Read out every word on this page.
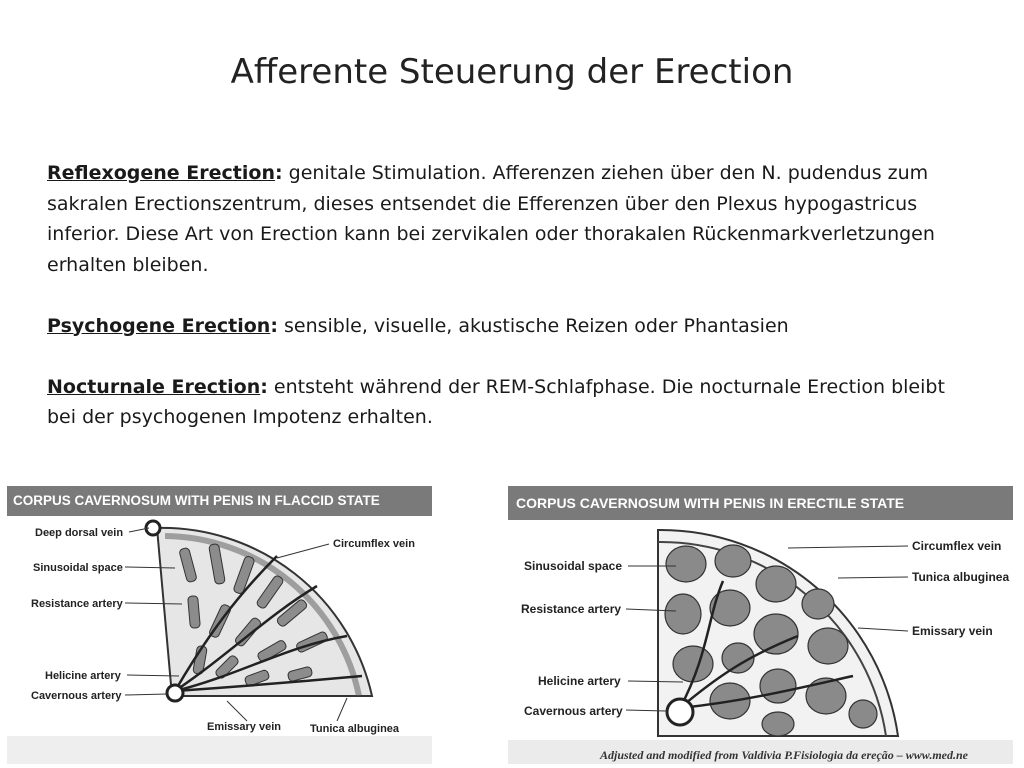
Afferente Steuerung der Erection

Reflexogene Erection: genitale Stimulation. Afferenzen ziehen über den N. pudendus zum sakralen Erectionszentrum, dieses entsendet die Efferenzen über den Plexus hypogastricus inferior. Diese Art von Erection kann bei zervikalen oder thorakalen Rückenmarkverletzungen erhalten bleiben.

Psychogene Erection: sensible, visuelle, akustische Reizen oder Phantasien

Nocturnale Erection: entsteht während der REM-Schlafphase. Die nocturnale Erection bleibt bei der psychogenen Impotenz erhalten.

CORPUS CAVERNOSUM WITH PENIS IN FLACCID STATE
Deep dorsal vein
Sinusoidal space
Resistance artery
Helicine artery
Cavernous artery
Circumflex vein
Emissary vein	Tunica albuginea
CORPUS CAVERNOSUM WITH PENIS IN ERECTILE STATE
Sinusoidal space
Resistance artery
Helicine artery
Cavernous artery
Circumflex vein
Tunica albuginea
Emissary vein
Adjusted and modified from Valdivia P.Fisiologia da ereção – www.med.ne
